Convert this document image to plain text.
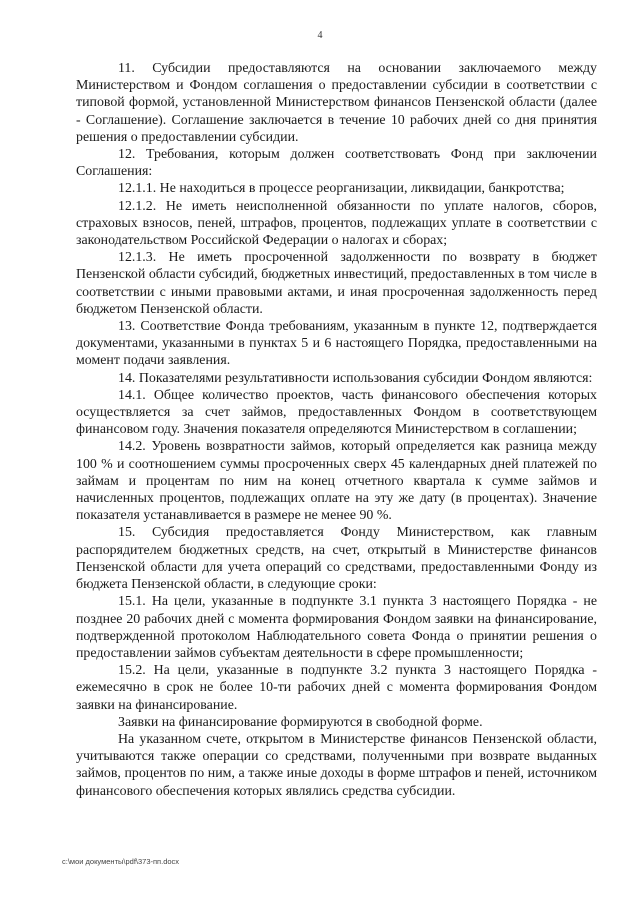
4

11. Субсидии предоставляются на основании заключаемого между Министерством и Фондом соглашения о предоставлении субсидии в соответствии с типовой формой, установленной Министерством финансов Пензенской области (далее - Соглашение). Соглашение заключается в течение 10 рабочих дней со дня принятия решения о предоставлении субсидии.

12. Требования, которым должен соответствовать Фонд при заключении Соглашения:

12.1.1. Не находиться в процессе реорганизации, ликвидации, банкротства;

12.1.2. Не иметь неисполненной обязанности по уплате налогов, сборов, страховых взносов, пеней, штрафов, процентов, подлежащих уплате в соответствии с законодательством Российской Федерации о налогах и сборах;

12.1.3. Не иметь просроченной задолженности по возврату в бюджет Пензенской области субсидий, бюджетных инвестиций, предоставленных в том числе в соответствии с иными правовыми актами, и иная просроченная задолженность перед бюджетом Пензенской области.

13. Соответствие Фонда требованиям, указанным в пункте 12, подтверждается документами, указанными в пунктах 5 и 6 настоящего Порядка, предоставленными на момент подачи заявления.

14. Показателями результативности использования субсидии Фондом являются:

14.1. Общее количество проектов, часть финансового обеспечения которых осуществляется за счет займов, предоставленных Фондом в соответствующем финансовом году. Значения показателя определяются Министерством в соглашении;

14.2. Уровень возвратности займов, который определяется как разница между 100 % и соотношением суммы просроченных сверх 45 календарных дней платежей по займам и процентам по ним на конец отчетного квартала к сумме займов и начисленных процентов, подлежащих оплате на эту же дату (в процентах). Значение показателя устанавливается в размере не менее 90 %.

15. Субсидия предоставляется Фонду Министерством, как главным распорядителем бюджетных средств, на счет, открытый в Министерстве финансов Пензенской области для учета операций со средствами, предоставленными Фонду из бюджета Пензенской области, в следующие сроки:

15.1. На цели, указанные в подпункте 3.1 пункта 3 настоящего Порядка - не позднее 20 рабочих дней с момента формирования Фондом заявки на финансирование, подтвержденной протоколом Наблюдательного совета Фонда о принятии решения о предоставлении займов субъектам деятельности в сфере промышленности;

15.2. На цели, указанные в подпункте 3.2 пункта 3 настоящего Порядка - ежемесячно в срок не более 10-ти рабочих дней с момента формирования Фондом заявки на финансирование.

Заявки на финансирование формируются в свободной форме.

На указанном счете, открытом в Министерстве финансов Пензенской области, учитываются также операции со средствами, полученными при возврате выданных займов, процентов по ним, а также иные доходы в форме штрафов и пеней, источником финансового обеспечения которых являлись средства субсидии.

c:\мои документы\pdf\373-пп.docx
